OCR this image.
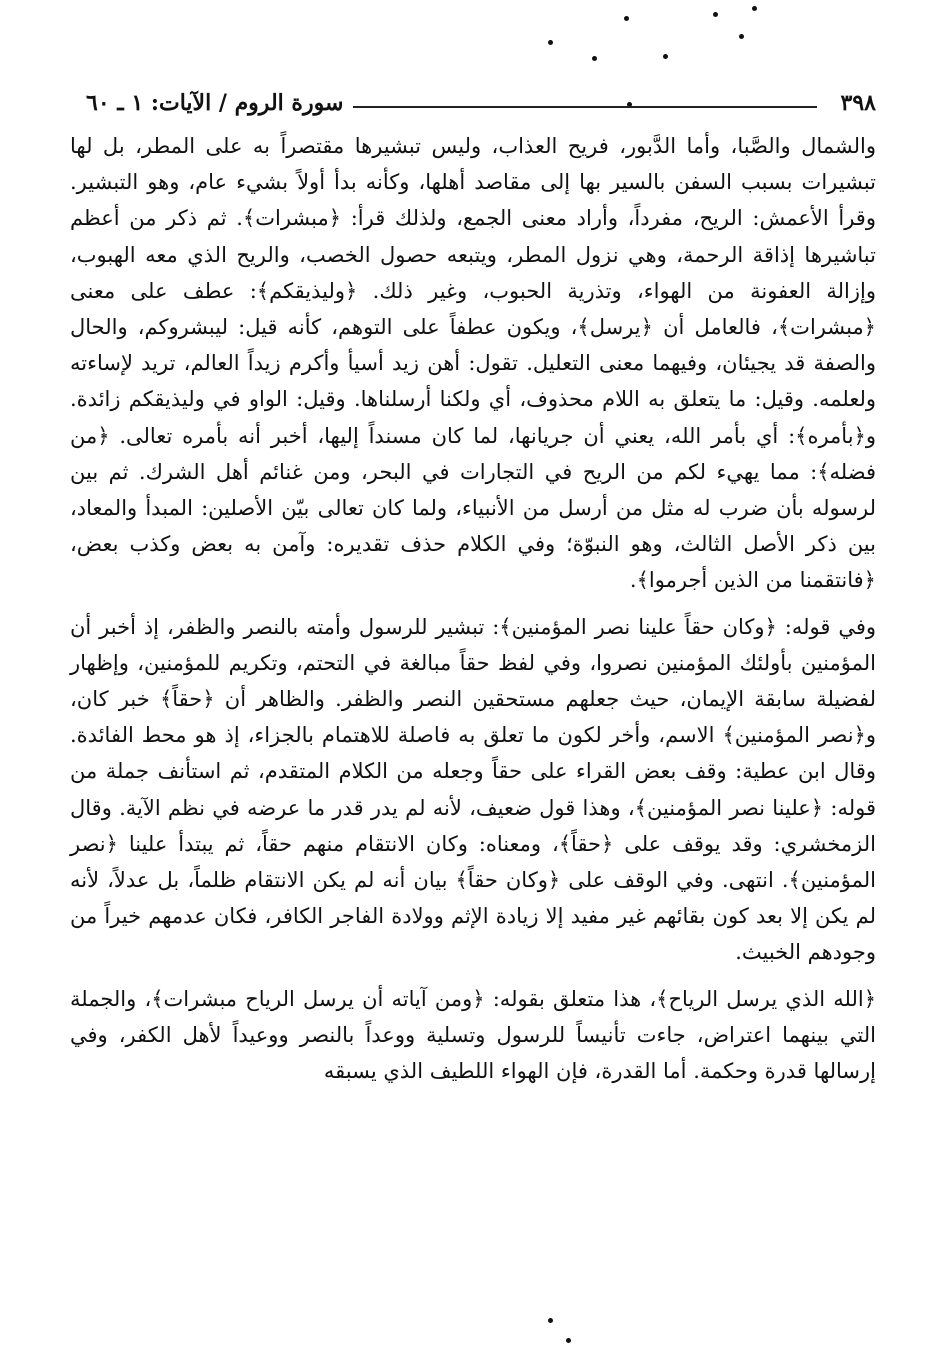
٣٩٨
سورة الروم / الآيات: ١ ـ ٦٠

والشمال والصَّبا، وأما الدَّبور، فريح العذاب، وليس تبشيرها مقتصراً به على المطر، بل لها تبشيرات بسبب السفن بالسير بها إلى مقاصد أهلها، وكأنه بدأ أولاً بشيء عام، وهو التبشير. وقرأ الأعمش: الريح، مفرداً، وأراد معنى الجمع، ولذلك قرأ: ﴿مبشرات﴾. ثم ذكر من أعظم تباشيرها إذاقة الرحمة، وهي نزول المطر، ويتبعه حصول الخصب، والريح الذي معه الهبوب، وإزالة العفونة من الهواء، وتذرية الحبوب، وغير ذلك. ﴿وليذيقكم﴾: عطف على معنى ﴿مبشرات﴾، فالعامل أن ﴿يرسل﴾، ويكون عطفاً على التوهم، كأنه قيل: ليبشروكم، والحال والصفة قد يجيئان، وفيهما معنى التعليل. تقول: أهن زيد أسيأ وأكرم زيداً العالم، تريد لإساءته ولعلمه. وقيل: ما يتعلق به اللام محذوف، أي ولكنا أرسلناها. وقيل: الواو في وليذيقكم زائدة. و﴿بأمره﴾: أي بأمر الله، يعني أن جريانها، لما كان مسنداً إليها، أخبر أنه بأمره تعالى. ﴿من فضله﴾: مما يهيء لكم من الريح في التجارات في البحر، ومن غنائم أهل الشرك. ثم بين لرسوله بأن ضرب له مثل من أرسل من الأنبياء، ولما كان تعالى بيّن الأصلين: المبدأ والمعاد، بين ذكر الأصل الثالث، وهو النبوّة؛ وفي الكلام حذف تقديره: وآمن به بعض وكذب بعض، ﴿فانتقمنا من الذين أجرموا﴾.

وفي قوله: ﴿وكان حقاً علينا نصر المؤمنين﴾: تبشير للرسول وأمته بالنصر والظفر، إذ أخبر أن المؤمنين بأولئك المؤمنين نصروا، وفي لفظ حقاً مبالغة في التحتم، وتكريم للمؤمنين، وإظهار لفضيلة سابقة الإيمان، حيث جعلهم مستحقين النصر والظفر. والظاهر أن ﴿حقاً﴾ خبر كان، و﴿نصر المؤمنين﴾ الاسم، وأخر لكون ما تعلق به فاصلة للاهتمام بالجزاء، إذ هو محط الفائدة. وقال ابن عطية: وقف بعض القراء على حقاً وجعله من الكلام المتقدم، ثم استأنف جملة من قوله: ﴿علينا نصر المؤمنين﴾، وهذا قول ضعيف، لأنه لم يدر قدر ما عرضه في نظم الآية. وقال الزمخشري: وقد يوقف على ﴿حقاً﴾، ومعناه: وكان الانتقام منهم حقاً، ثم يبتدأ علينا ﴿نصر المؤمنين﴾. انتهى. وفي الوقف على ﴿وكان حقاً﴾ بيان أنه لم يكن الانتقام ظلماً، بل عدلاً، لأنه لم يكن إلا بعد كون بقائهم غير مفيد إلا زيادة الإثم وولادة الفاجر الكافر، فكان عدمهم خيراً من وجودهم الخبيث.

﴿الله الذي يرسل الرياح﴾، هذا متعلق بقوله: ﴿ومن آياته أن يرسل الرياح مبشرات﴾، والجملة التي بينهما اعتراض، جاءت تأنيساً للرسول وتسلية ووعداً بالنصر ووعيداً لأهل الكفر، وفي إرسالها قدرة وحكمة. أما القدرة، فإن الهواء اللطيف الذي يسبقه
